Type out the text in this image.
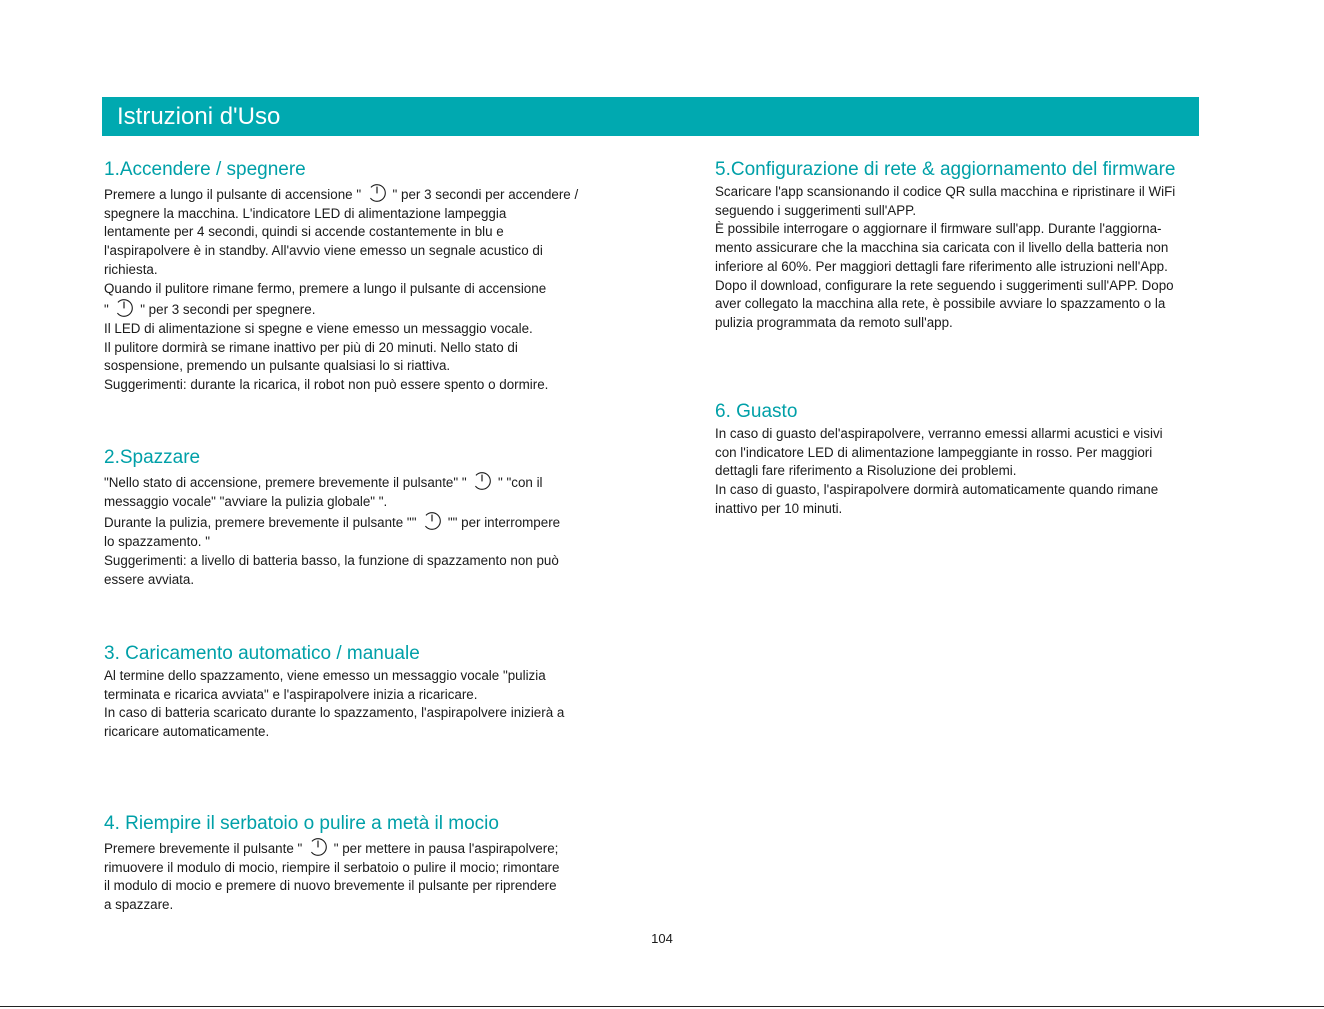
Istruzioni d'Uso
1.Accendere / spegnere
Premere a lungo il pulsante di accensione "
" per 3 secondi per accendere /
spegnere la macchina. L'indicatore LED di alimentazione lampeggia
lentamente per 4 secondi, quindi si accende costantemente in blu e
l'aspirapolvere è in standby. All'avvio viene emesso un segnale acustico di
richiesta.
Quando il pulitore rimane fermo, premere a lungo il pulsante di accensione
"
" per 3 secondi per spegnere.
Il LED di alimentazione si spegne e viene emesso un messaggio vocale.
Il pulitore dormirà se rimane inattivo per più di 20 minuti. Nello stato di
sospensione, premendo un pulsante qualsiasi lo si riattiva.
Suggerimenti: durante la ricarica, il robot non può essere spento o dormire.
2.Spazzare
"Nello stato di accensione, premere brevemente il pulsante" "
" "con il
messaggio vocale" "avviare la pulizia globale" ".
Durante la pulizia, premere brevemente il pulsante ""
"" per interrompere
lo spazzamento. "
Suggerimenti: a livello di batteria basso, la funzione di spazzamento non può
essere avviata.
3. Caricamento automatico / manuale
Al termine dello spazzamento, viene emesso un messaggio vocale "pulizia
terminata e ricarica avviata" e l'aspirapolvere inizia a ricaricare.
In caso di batteria scaricato durante lo spazzamento, l'aspirapolvere inizierà a
ricaricare automaticamente.
4. Riempire il serbatoio o pulire a metà il mocio
Premere brevemente il pulsante "
" per mettere in pausa l'aspirapolvere;
rimuovere il modulo di mocio, riempire il serbatoio o pulire il mocio; rimontare
il modulo di mocio e premere di nuovo brevemente il pulsante per riprendere
a spazzare.
5.Configurazione di rete & aggiornamento del firmware
Scaricare l'app scansionando il codice QR sulla macchina e ripristinare il WiFi
seguendo i suggerimenti sull'APP.
È possibile interrogare o aggiornare il firmware sull'app. Durante l'aggiorna-
mento assicurare che la macchina sia caricata con il livello della batteria non
inferiore al 60%. Per maggiori dettagli fare riferimento alle istruzioni nell'App.
Dopo il download, configurare la rete seguendo i suggerimenti sull'APP. Dopo
aver collegato la macchina alla rete, è possibile avviare lo spazzamento o la
pulizia programmata da remoto sull'app.
6. Guasto
In caso di guasto del'aspirapolvere, verranno emessi allarmi acustici e visivi
con l'indicatore LED di alimentazione lampeggiante in rosso. Per maggiori
dettagli fare riferimento a Risoluzione dei problemi.
In caso di guasto, l'aspirapolvere dormirà automaticamente quando rimane
inattivo per 10 minuti.
104
